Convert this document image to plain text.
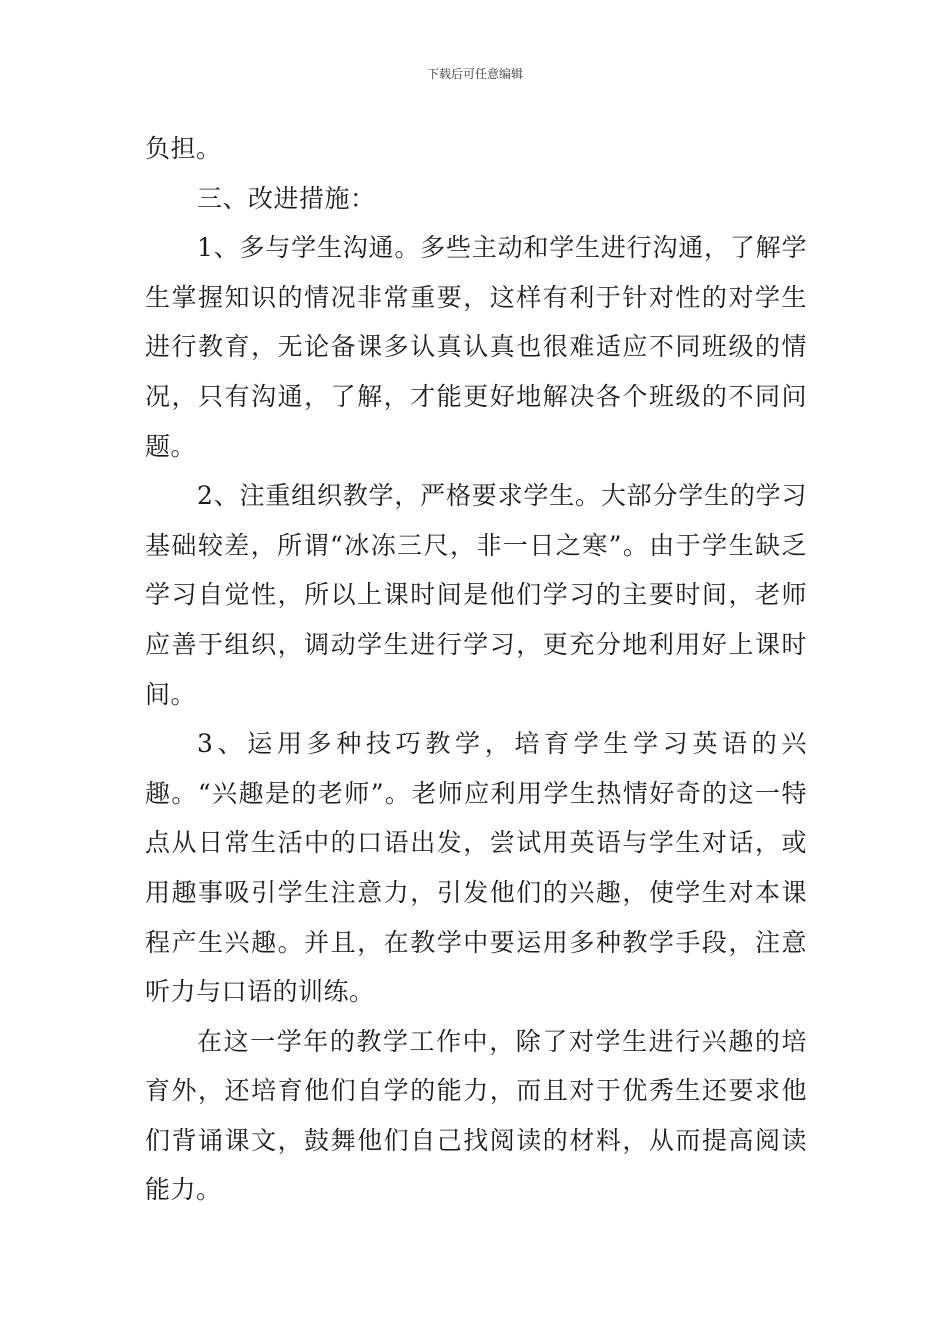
下载后可任意编辑

负担。

三、改进措施：

1、多与学生沟通。多些主动和学生进行沟通，了解学生掌握知识的情况非常重要，这样有利于针对性的对学生进行教育，无论备课多认真认真也很难适应不同班级的情况，只有沟通，了解，才能更好地解决各个班级的不同问题。

2、注重组织教学，严格要求学生。大部分学生的学习基础较差，所谓“冰冻三尺，非一日之寒”。由于学生缺乏学习自觉性，所以上课时间是他们学习的主要时间，老师应善于组织，调动学生进行学习，更充分地利用好上课时间。

3、运用多种技巧教学，培育学生学习英语的兴趣。“兴趣是的老师”。老师应利用学生热情好奇的这一特点从日常生活中的口语出发，尝试用英语与学生对话，或用趣事吸引学生注意力，引发他们的兴趣，使学生对本课程产生兴趣。并且，在教学中要运用多种教学手段，注意听力与口语的训练。

在这一学年的教学工作中，除了对学生进行兴趣的培育外，还培育他们自学的能力，而且对于优秀生还要求他们背诵课文，鼓舞他们自己找阅读的材料，从而提高阅读能力。
